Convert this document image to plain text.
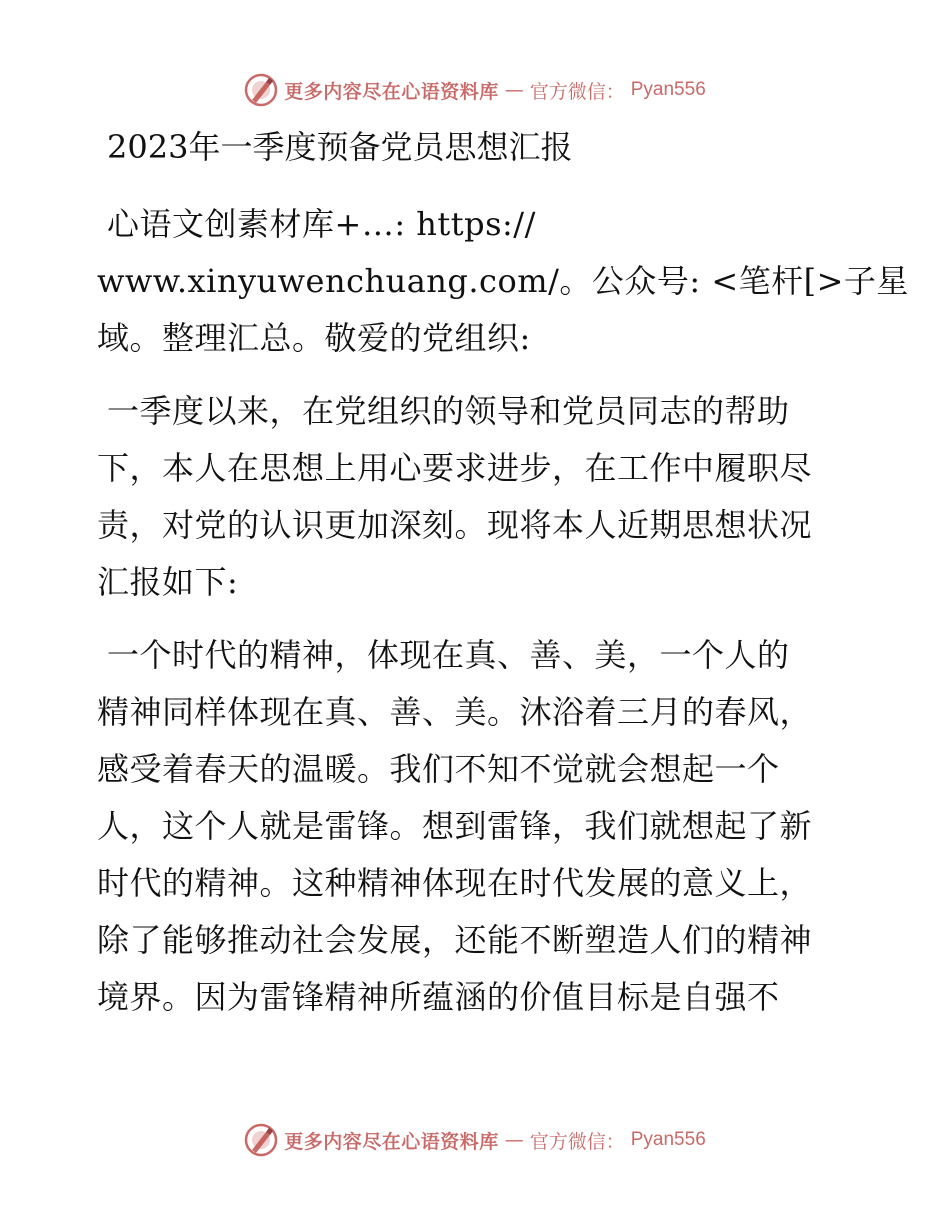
更多内容尽在心语资料库 — 官方微信： Pyan556
2023年一季度预备党员思想汇报

心语文创素材库+…: https://
www.xinyuwenchuang.com/。公众号: <笔杆[>子星
域。整理汇总。敬爱的党组织:

一季度以来，在党组织的领导和党员同志的帮助
下，本人在思想上用心要求进步，在工作中履职尽
责，对党的认识更加深刻。现将本人近期思想状况
汇报如下:

一个时代的精神，体现在真、善、美，一个人的
精神同样体现在真、善、美。沐浴着三月的春风，
感受着春天的温暖。我们不知不觉就会想起一个
人，这个人就是雷锋。想到雷锋，我们就想起了新
时代的精神。这种精神体现在时代发展的意义上，
除了能够推动社会发展，还能不断塑造人们的精神
境界。因为雷锋精神所蕴涵的价值目标是自强不

更多内容尽在心语资料库 — 官方微信： Pyan556
